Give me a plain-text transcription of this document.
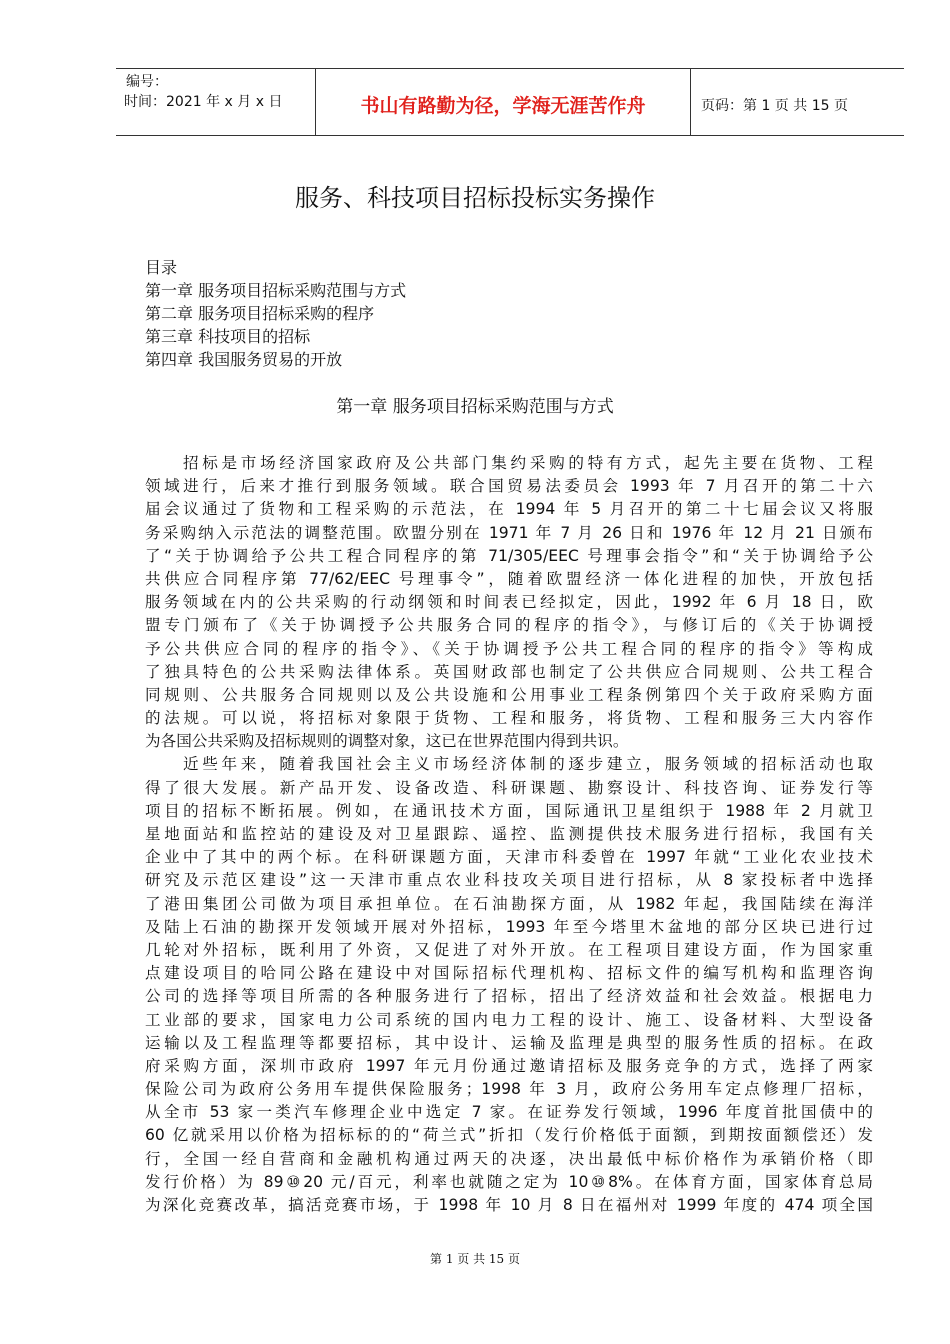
编号：
时间：2021 年 x 月 x 日	书山有路勤为径，学海无涯苦作舟	页码：第 1 页 共 15 页
服务、科技项目招标投标实务操作
目录
第一章 服务项目招标采购范围与方式
第二章 服务项目招标采购的程序
第三章 科技项目的招标
第四章 我国服务贸易的开放
第一章 服务项目招标采购范围与方式
招标是市场经济国家政府及公共部门集约采购的特有方式，起先主要在货物、工程
领域进行，后来才推行到服务领域。联合国贸易法委员会 1993 年 7 月召开的第二十六
届会议通过了货物和工程采购的示范法，在 1994 年 5 月召开的第二十七届会议又将服
务采购纳入示范法的调整范围。欧盟分别在 1971 年 7 月 26 日和 1976 年 12 月 21 日颁布
了“关于协调给予公共工程合同程序的第 71/305/EEC 号理事会指令”和“关于协调给予公
共供应合同程序第 77/62/EEC 号理事令”，随着欧盟经济一体化进程的加快，开放包括
服务领域在内的公共采购的行动纲领和时间表已经拟定，因此，1992 年 6 月 18 日，欧
盟专门颁布了《关于协调授予公共服务合同的程序的指令》，与修订后的《关于协调授
予公共供应合同的程序的指令》、《关于协调授予公共工程合同的程序的指令》等构成
了独具特色的公共采购法律体系。英国财政部也制定了公共供应合同规则、公共工程合
同规则、公共服务合同规则以及公共设施和公用事业工程条例第四个关于政府采购方面
的法规。可以说，将招标对象限于货物、工程和服务，将货物、工程和服务三大内容作
为各国公共采购及招标规则的调整对象，这已在世界范围内得到共识。
近些年来，随着我国社会主义市场经济体制的逐步建立，服务领域的招标活动也取
得了很大发展。新产品开发、设备改造、科研课题、勘察设计、科技咨询、证券发行等
项目的招标不断拓展。例如，在通讯技术方面，国际通讯卫星组织于 1988 年 2 月就卫
星地面站和监控站的建设及对卫星跟踪、遥控、监测提供技术服务进行招标，我国有关
企业中了其中的两个标。在科研课题方面，天津市科委曾在 1997 年就“工业化农业技术
研究及示范区建设”这一天津市重点农业科技攻关项目进行招标，从 8 家投标者中选择
了港田集团公司做为项目承担单位。在石油勘探方面，从 1982 年起，我国陆续在海洋
及陆上石油的勘探开发领域开展对外招标，1993 年至今塔里木盆地的部分区块已进行过
几轮对外招标，既利用了外资，又促进了对外开放。在工程项目建设方面，作为国家重
点建设项目的哈同公路在建设中对国际招标代理机构、招标文件的编写机构和监理咨询
公司的选择等项目所需的各种服务进行了招标，招出了经济效益和社会效益。根据电力
工业部的要求，国家电力公司系统的国内电力工程的设计、施工、设备材料、大型设备
运输以及工程监理等都要招标，其中设计、运输及监理是典型的服务性质的招标。在政
府采购方面，深圳市政府 1997 年元月份通过邀请招标及服务竞争的方式，选择了两家
保险公司为政府公务用车提供保险服务；1998 年 3 月，政府公务用车定点修理厂招标，
从全市 53 家一类汽车修理企业中选定 7 家。在证券发行领域，1996 年度首批国债中的
60 亿就采用以价格为招标标的的“荷兰式”折扣（发行价格低于面额，到期按面额偿还）发
行，全国一经自营商和金融机构通过两天的决逐，决出最低中标价格作为承销价格（即
发行价格）为 89⑩20 元/百元，利率也就随之定为 10⑩8%。在体育方面，国家体育总局
为深化竞赛改革，搞活竞赛市场，于 1998 年 10 月 8 日在福州对 1999 年度的 474 项全国
第 1 页 共 15 页
